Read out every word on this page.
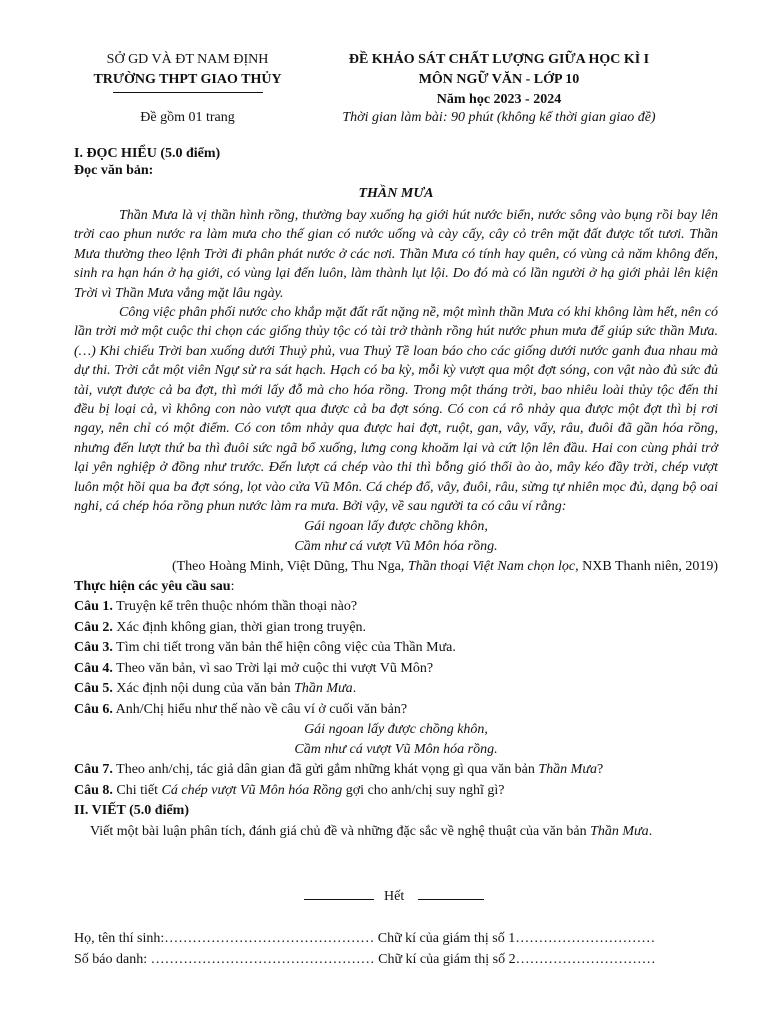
SỞ GD VÀ ĐT NAM ĐỊNH
TRƯỜNG THPT GIAO THỦY
Đề gồm 01 trang
ĐỀ KHẢO SÁT CHẤT LƯỢNG GIỮA HỌC KÌ I
MÔN NGỮ VĂN - LỚP 10
Năm học 2023 - 2024
Thời gian làm bài: 90 phút (không kể thời gian giao đề)
I. ĐỌC HIỂU (5.0 điểm)
Đọc văn bản:
THẦN MƯA

Thần Mưa là vị thần hình rồng, thường bay xuống hạ giới hút nước biển, nước sông vào bụng rồi bay lên trời cao phun nước ra làm mưa cho thế gian có nước uống và cày cấy, cây cỏ trên mặt đất được tốt tươi. Thần Mưa thường theo lệnh Trời đi phân phát nước ở các nơi. Thần Mưa có tính hay quên, có vùng cả năm không đến, sinh ra hạn hán ở hạ giới, có vùng lại đến luôn, làm thành lụt lội. Do đó mà có lần người ở hạ giới phải lên kiện Trời vì Thần Mưa vắng mặt lâu ngày.

Công việc phân phối nước cho khắp mặt đất rất nặng nề, một mình thần Mưa có khi không làm hết, nên có lần trời mở một cuộc thi chọn các giống thủy tộc có tài trở thành rồng hút nước phun mưa để giúp sức thần Mưa. (…) Khi chiếu Trời ban xuống dưới Thuỷ phủ, vua Thuỷ Tề loan báo cho các giống dưới nước ganh đua nhau mà dự thi. Trời cắt một viên Ngự sử ra sát hạch. Hạch có ba kỳ, mỗi kỳ vượt qua một đợt sóng, con vật nào đủ sức đủ tài, vượt được cả ba đợt, thì mới lấy đỗ mà cho hóa rồng. Trong một tháng trời, bao nhiêu loài thủy tộc đến thi đều bị loại cả, vì không con nào vượt qua được cả ba đợt sóng. Có con cá rô nhảy qua được một đợt thì bị rơi ngay, nên chỉ có một điểm. Có con tôm nhảy qua được hai đợt, ruột, gan, vây, vẩy, râu, đuôi đã gần hóa rồng, nhưng đến lượt thứ ba thì đuôi sức ngã bổ xuống, lưng cong khoăm lại và cứt lộn lên đầu. Hai con cùng phải trở lại yên nghiệp ở đồng như trước. Đến lượt cá chép vào thi thì bỗng gió thổi ào ào, mây kéo đầy trời, chép vượt luôn một hồi qua ba đợt sóng, lọt vào cửa Vũ Môn. Cá chép đổ, vây, đuôi, râu, sừng tự nhiên mọc đủ, dạng bộ oai nghi, cá chép hóa rồng phun nước làm ra mưa. Bởi vậy, về sau người ta có câu ví rằng:

Gái ngoan lấy được chồng khôn,

Cầm như cá vượt Vũ Môn hóa rồng.

(Theo Hoàng Minh, Việt Dũng, Thu Nga, Thần thoại Việt Nam chọn lọc, NXB Thanh niên, 2019)

Thực hiện các yêu cầu sau:

Câu 1. Truyện kể trên thuộc nhóm thần thoại nào?

Câu 2. Xác định không gian, thời gian trong truyện.

Câu 3. Tìm chi tiết trong văn bản thể hiện công việc của Thần Mưa.

Câu 4. Theo văn bản, vì sao Trời lại mở cuộc thi vượt Vũ Môn?

Câu 5. Xác định nội dung của văn bản Thần Mưa.

Câu 6. Anh/Chị hiểu như thế nào về câu ví ở cuối văn bản?

Gái ngoan lấy được chồng khôn,

Cầm như cá vượt Vũ Môn hóa rồng.

Câu 7. Theo anh/chị, tác giả dân gian đã gửi gắm những khát vọng gì qua văn bản Thần Mưa?

Câu 8. Chi tiết Cá chép vượt Vũ Môn hóa Rồng gợi cho anh/chị suy nghĩ gì?

II. VIẾT (5.0 điểm)

Viết một bài luận phân tích, đánh giá chủ đề và những đặc sắc về nghệ thuật của văn bản Thần Mưa.

Hết
Họ, tên thí sinh:……………………………………… Chữ kí của giám thị số 1…………………………
Số báo danh: ………………………………………… Chữ kí của giám thị số 2…………………………
